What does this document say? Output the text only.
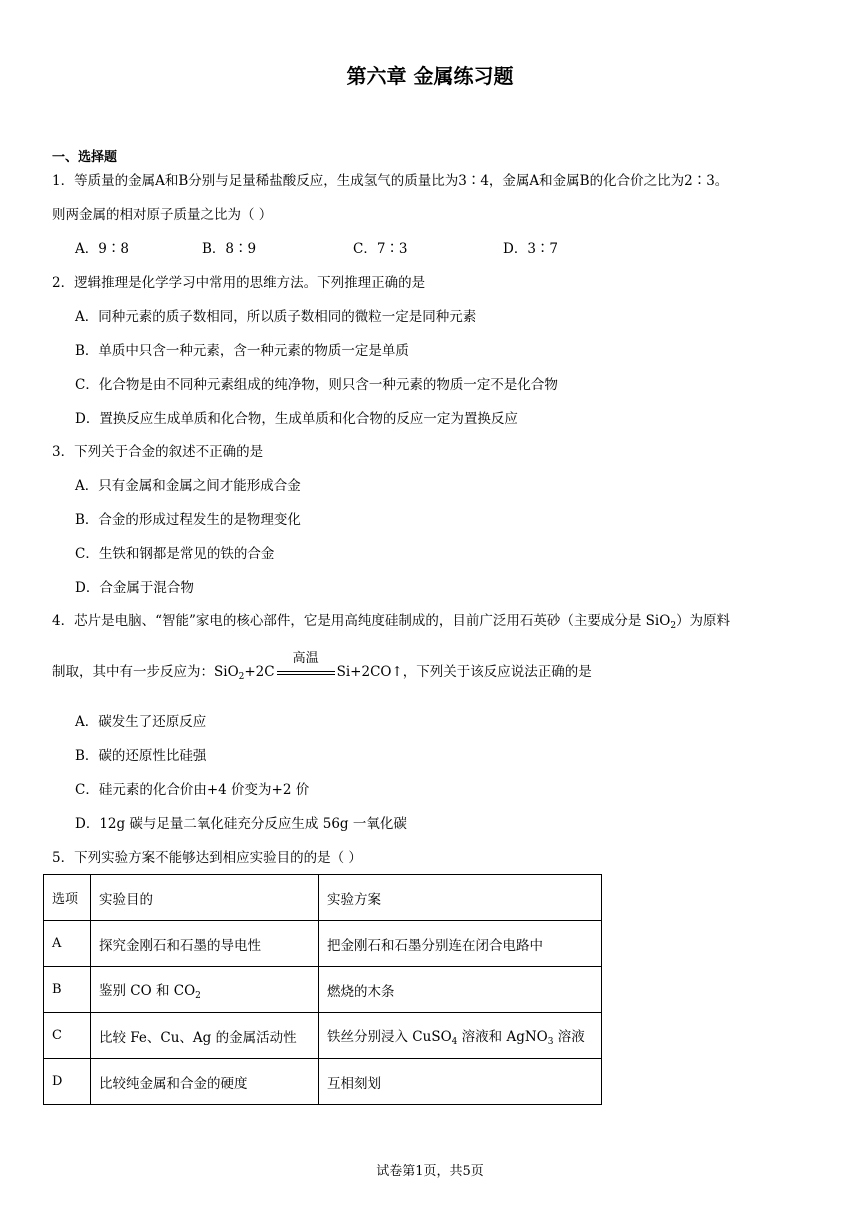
第六章 金属练习题
一、选择题
1．等质量的金属A和B分别与足量稀盐酸反应，生成氢气的质量比为3∶4，金属A和金属B的化合价之比为2∶3。
则两金属的相对原子质量之比为（ ）
A．9∶8	B．8∶9	C．7∶3	D．3∶7
2．逻辑推理是化学学习中常用的思维方法。下列推理正确的是
A．同种元素的质子数相同，所以质子数相同的微粒一定是同种元素
B．单质中只含一种元素，含一种元素的物质一定是单质
C．化合物是由不同种元素组成的纯净物，则只含一种元素的物质一定不是化合物
D．置换反应生成单质和化合物，生成单质和化合物的反应一定为置换反应
3．下列关于合金的叙述不正确的是
A．只有金属和金属之间才能形成合金
B．合金的形成过程发生的是物理变化
C．生铁和钢都是常见的铁的合金
D．合金属于混合物
4．芯片是电脑、“智能”家电的核心部件，它是用高纯度硅制成的，目前广泛用石英砂（主要成分是 SiO$_2$）为原料
制取，其中有一步反应为：SiO$_2$+2C
高温
Si+2CO↑，下列关于该反应说法正确的是
A．碳发生了还原反应
B．碳的还原性比硅强
C．硅元素的化合价由+4 价变为+2 价
D．12g 碳与足量二氧化硅充分反应生成 56g 一氧化碳
5．下列实验方案不能够达到相应实验目的的是（ ）
选项	实验目的	实验方案
A	探究金刚石和石墨的导电性	把金刚石和石墨分别连在闭合电路中
B	鉴别 CO 和 $CO_2$	燃烧的木条
C	比较 Fe、Cu、Ag 的金属活动性	铁丝分别浸入 CuSO$_4$ 溶液和 AgNO$_3$ 溶液
D	比较纯金属和合金的硬度	互相刻划
试卷第1页，共5页
